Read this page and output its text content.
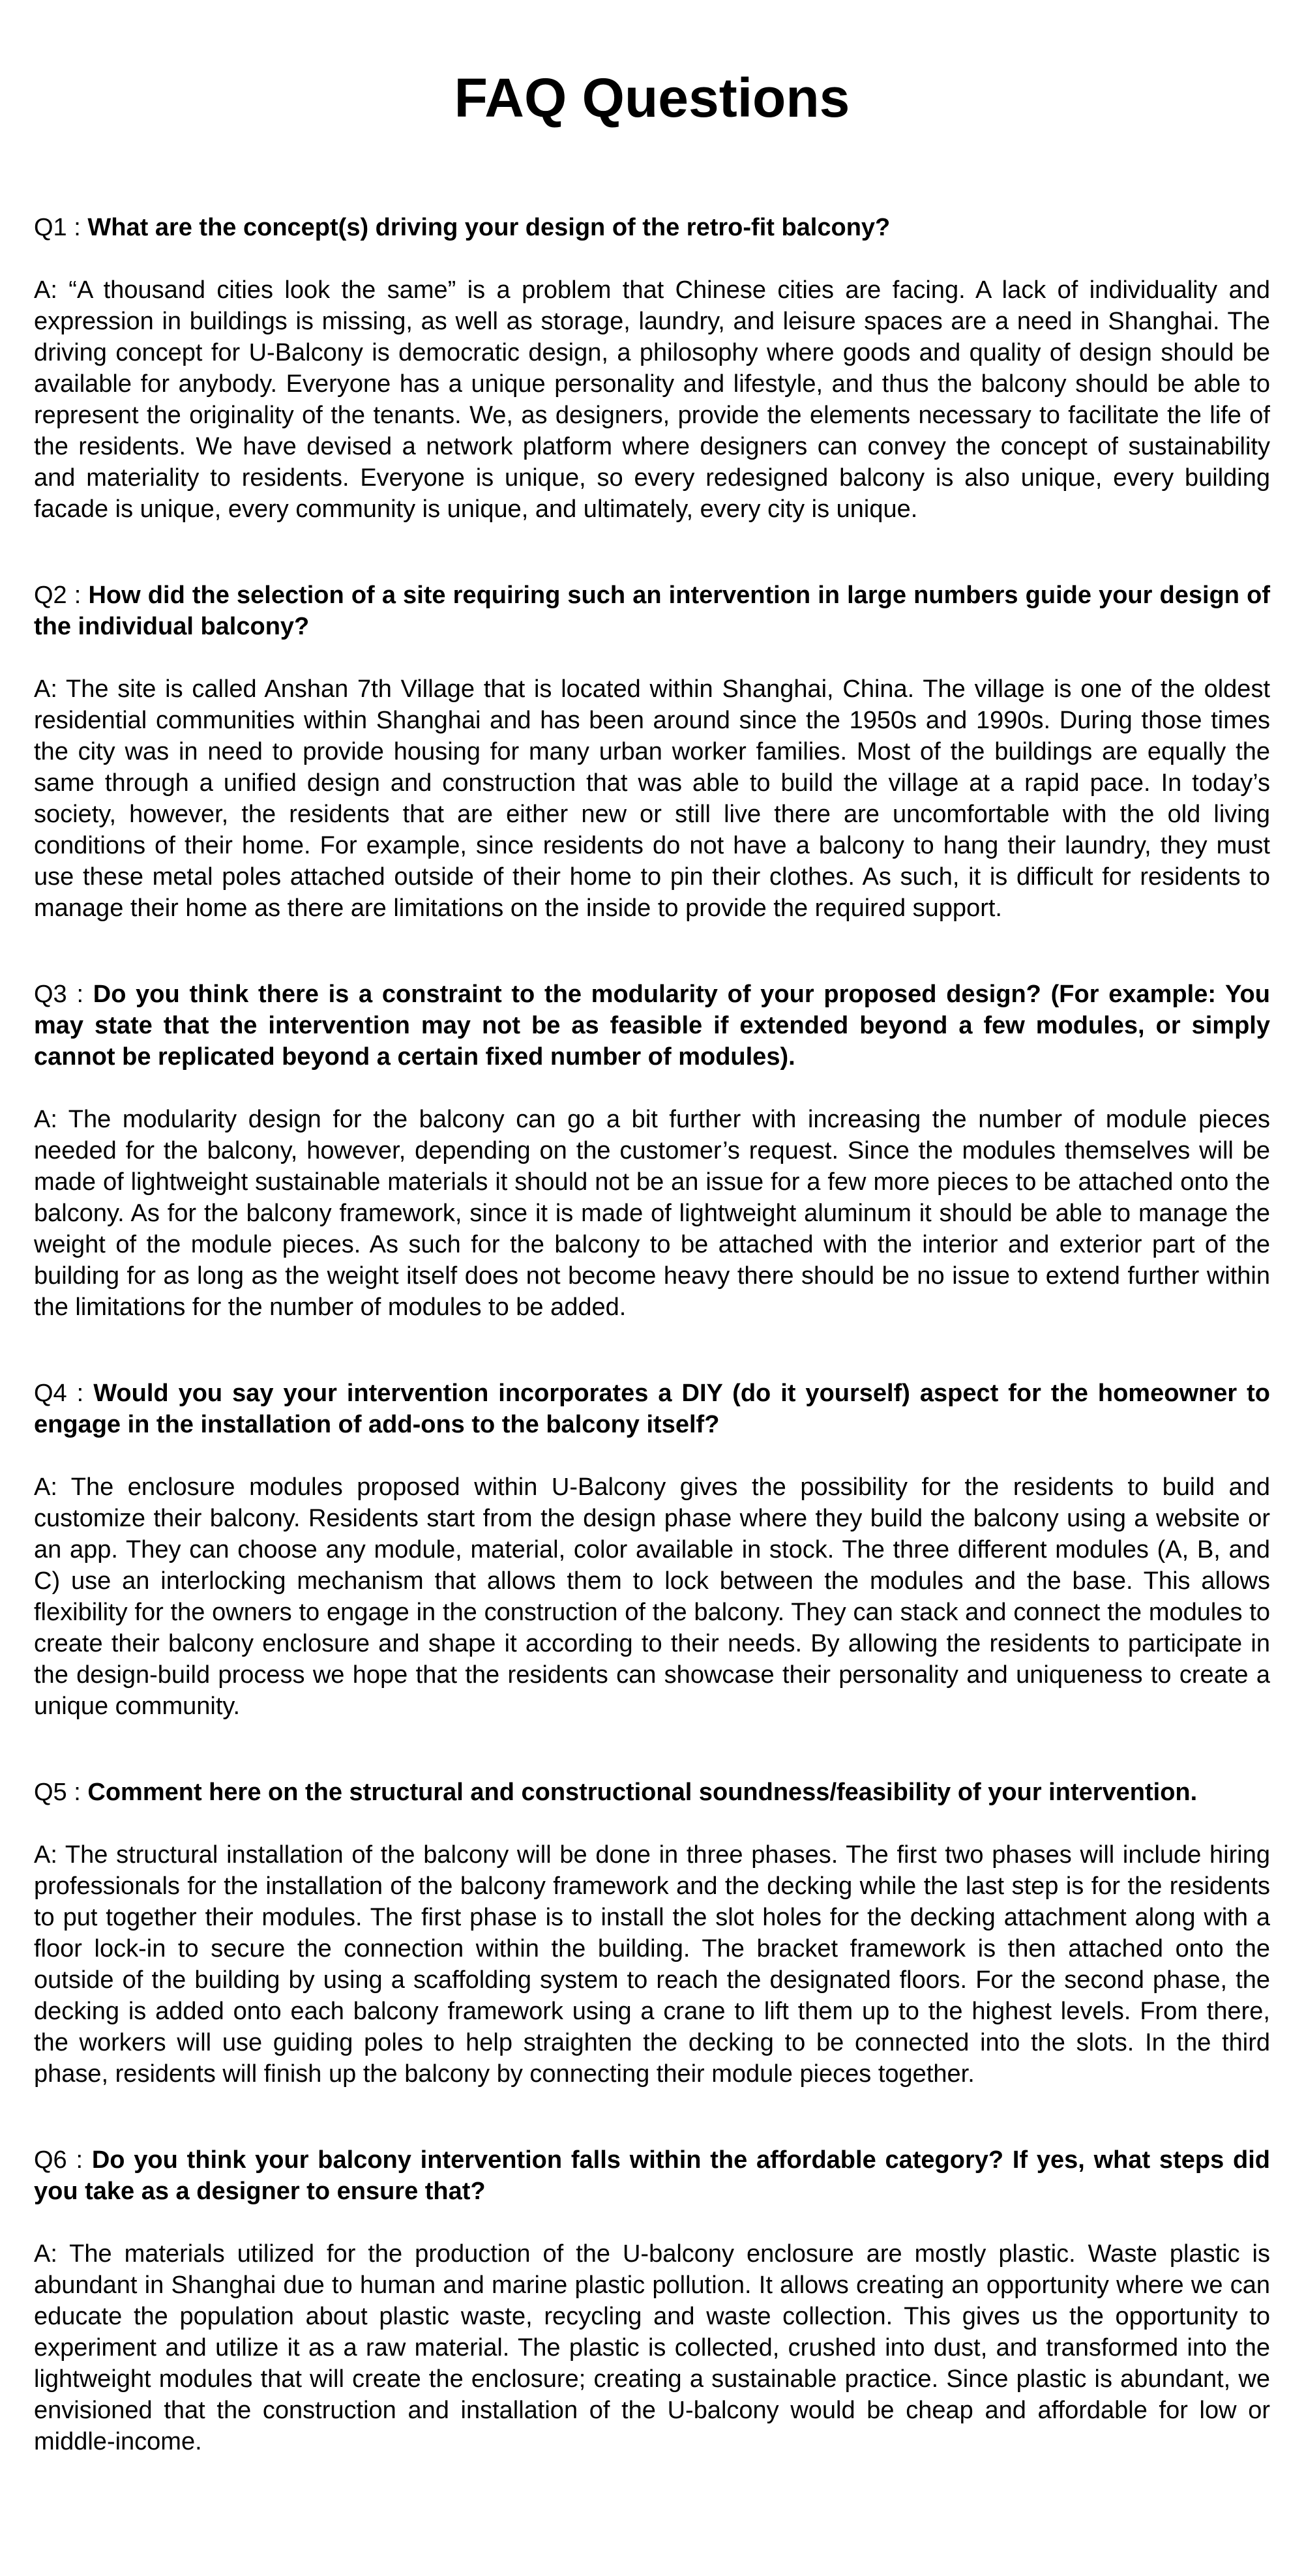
FAQ Questions

Q1 : What are the concept(s) driving your design of the retro-fit balcony?

A: “A thousand cities look the same” is a problem that Chinese cities are facing. A lack of individuality and expression in buildings is missing, as well as storage, laundry, and leisure spaces are a need in Shanghai. The driving concept for U-Balcony is democratic design, a philosophy where goods and quality of design should be available for anybody. Everyone has a unique personality and lifestyle, and thus the balcony should be able to represent the originality of the tenants. We, as designers, provide the elements necessary to facilitate the life of the residents. We have devised a network platform where designers can convey the concept of sustainability and materiality to residents. Everyone is unique, so every redesigned balcony is also unique, every building facade is unique, every community is unique, and ultimately, every city is unique.

Q2 : How did the selection of a site requiring such an intervention in large numbers guide your design of the individual balcony?

A: The site is called Anshan 7th Village that is located within Shanghai, China. The village is one of the oldest residential communities within Shanghai and has been around since the 1950s and 1990s. During those times the city was in need to provide housing for many urban worker families. Most of the buildings are equally the same through a unified design and construction that was able to build the village at a rapid pace. In today’s society, however, the residents that are either new or still live there are uncomfortable with the old living conditions of their home. For example, since residents do not have a balcony to hang their laundry, they must use these metal poles attached outside of their home to pin their clothes. As such, it is difficult for residents to manage their home as there are limitations on the inside to provide the required support.

Q3 : Do you think there is a constraint to the modularity of your proposed design? (For example: You may state that the intervention may not be as feasible if extended beyond a few modules, or simply cannot be replicated beyond a certain fixed number of modules).

A: The modularity design for the balcony can go a bit further with increasing the number of module pieces needed for the balcony, however, depending on the customer’s request. Since the modules themselves will be made of lightweight sustainable materials it should not be an issue for a few more pieces to be attached onto the balcony. As for the balcony framework, since it is made of lightweight aluminum it should be able to manage the weight of the module pieces. As such for the balcony to be attached with the interior and exterior part of the building for as long as the weight itself does not become heavy there should be no issue to extend further within the limitations for the number of modules to be added.

Q4 : Would you say your intervention incorporates a DIY (do it yourself) aspect for the homeowner to engage in the installation of add-ons to the balcony itself?

A: The enclosure modules proposed within U-Balcony gives the possibility for the residents to build and customize their balcony. Residents start from the design phase where they build the balcony using a website or an app. They can choose any module, material, color available in stock. The three different modules (A, B, and C) use an interlocking mechanism that allows them to lock between the modules and the base. This allows flexibility for the owners to engage in the construction of the balcony. They can stack and connect the modules to create their balcony enclosure and shape it according to their needs. By allowing the residents to participate in the design-build process we hope that the residents can showcase their personality and uniqueness to create a unique community.

Q5 : Comment here on the structural and constructional soundness/feasibility of your intervention.

A: The structural installation of the balcony will be done in three phases. The first two phases will include hiring professionals for the installation of the balcony framework and the decking while the last step is for the residents to put together their modules. The first phase is to install the slot holes for the decking attachment along with a floor lock-in to secure the connection within the building. The bracket framework is then attached onto the outside of the building by using a scaffolding system to reach the designated floors. For the second phase, the decking is added onto each balcony framework using a crane to lift them up to the highest levels. From there, the workers will use guiding poles to help straighten the decking to be connected into the slots. In the third phase, residents will finish up the balcony by connecting their module pieces together.

Q6 : Do you think your balcony intervention falls within the affordable category? If yes, what steps did you take as a designer to ensure that?

A: The materials utilized for the production of the U-balcony enclosure are mostly plastic. Waste plastic is abundant in Shanghai due to human and marine plastic pollution. It allows creating an opportunity where we can educate the population about plastic waste, recycling and waste collection. This gives us the opportunity to experiment and utilize it as a raw material. The plastic is collected, crushed into dust, and transformed into the lightweight modules that will create the enclosure; creating a sustainable practice. Since plastic is abundant, we envisioned that the construction and installation of the U-balcony would be cheap and affordable for low or middle-income.
